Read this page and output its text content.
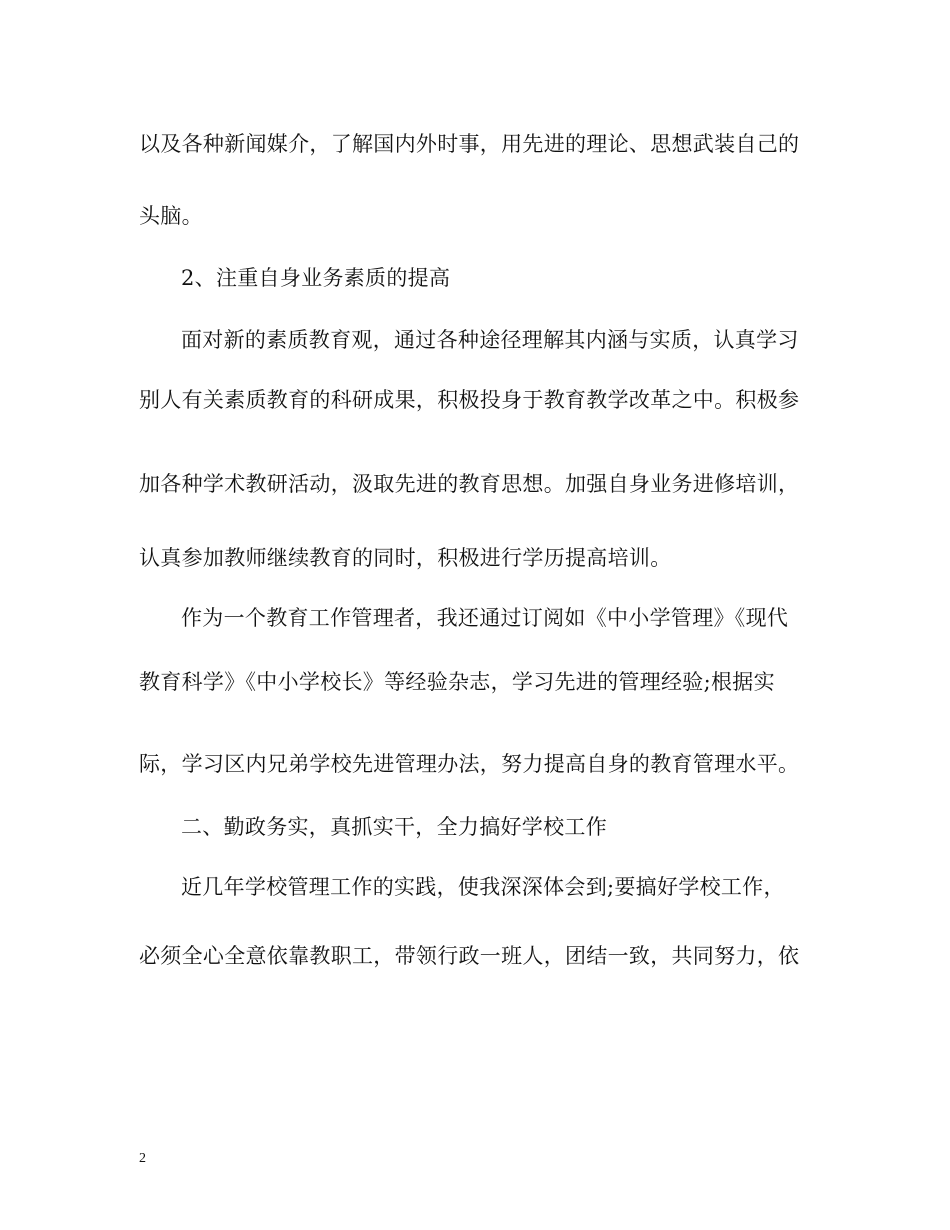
以及各种新闻媒介，了解国内外时事，用先进的理论、思想武装自己的
头脑。
2、注重自身业务素质的提高
面对新的素质教育观，通过各种途径理解其内涵与实质，认真学习
别人有关素质教育的科研成果，积极投身于教育教学改革之中。积极参
加各种学术教研活动，汲取先进的教育思想。加强自身业务进修培训，
认真参加教师继续教育的同时，积极进行学历提高培训。
作为一个教育工作管理者，我还通过订阅如《中小学管理》《现代
教育科学》《中小学校长》等经验杂志，学习先进的管理经验;根据实
际，学习区内兄弟学校先进管理办法，努力提高自身的教育管理水平。
二、勤政务实，真抓实干，全力搞好学校工作
近几年学校管理工作的实践，使我深深体会到;要搞好学校工作，
必须全心全意依靠教职工，带领行政一班人，团结一致，共同努力，依
2
